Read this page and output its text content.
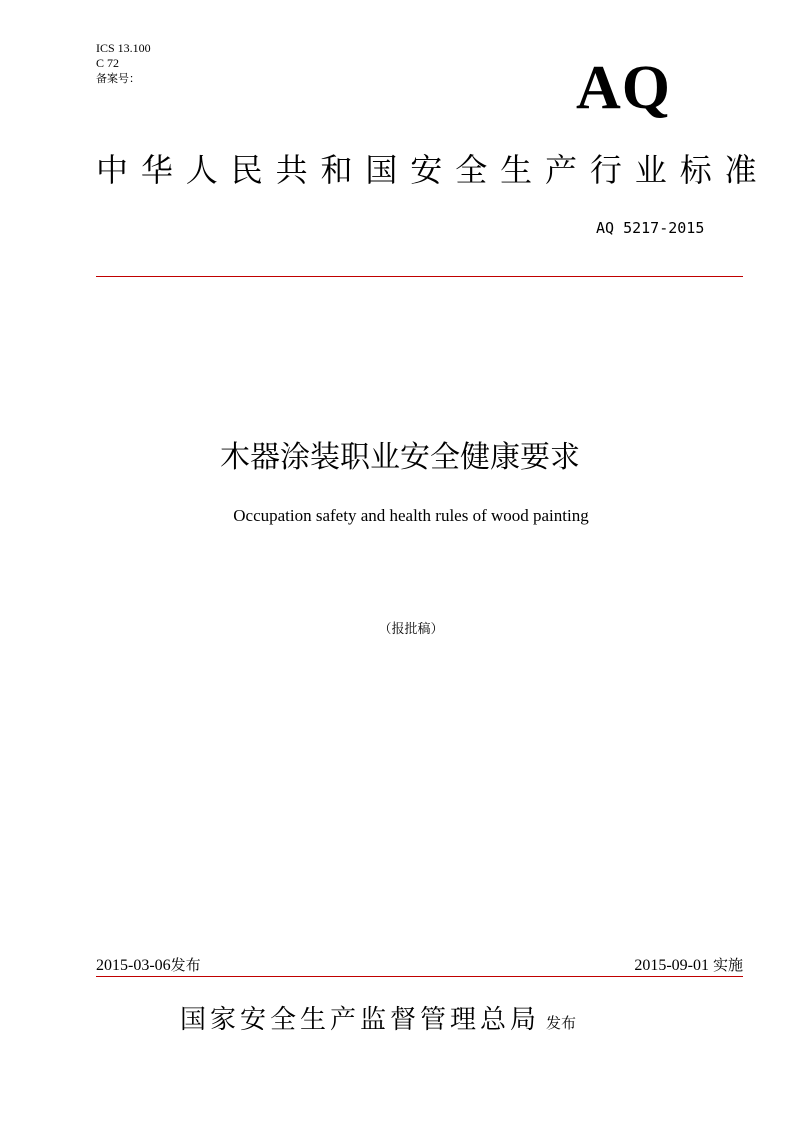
ICS 13.100
C 72
备案号：	AQ
中华人民共和国安全生产行业标准
AQ 5217-2015
木器涂装职业安全健康要求
Occupation safety and health rules of wood painting
（报批稿）
2015-03-06发布	2015-09-01 实施
国家安全生产监督管理总局 发布
